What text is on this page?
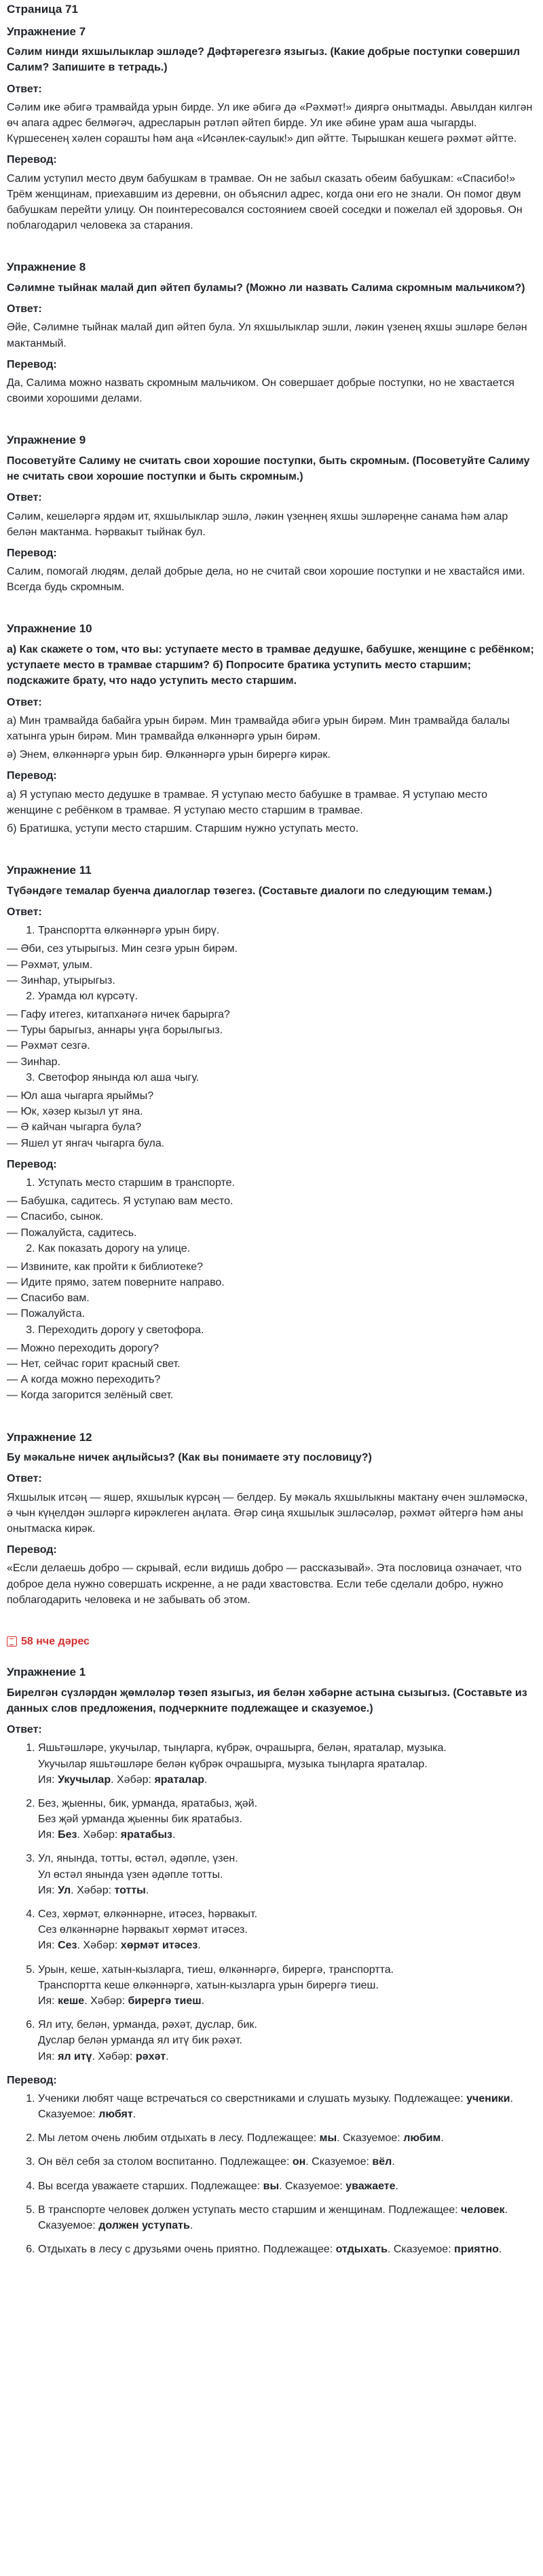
Страница 71
Упражнение 7
Сәлим нинди яхшылыклар эшләде? Дәфтәрегезгә языгыз. (Какие добрые поступки совершил Салим? Запишите в тетрадь.)
Ответ:

Сәлим ике әбигә трамвайда урын бирде. Ул ике әбигә дә «Рәхмәт!» дияргә онытмады. Авылдан килгән өч апага адрес белмәгәч, адресларын рәтләп әйтеп бирде. Ул ике әбине урам аша чыгарды. Күршесенең хәлен сорашты һәм аңа «Исәнлек-саулык!» дип әйтте. Тырышкан кешегә рәхмәт әйтте.

Перевод:

Салим уступил место двум бабушкам в трамвае. Он не забыл сказать обеим бабушкам: «Спасибо!» Трём женщинам, приехавшим из деревни, он объяснил адрес, когда они его не знали. Он помог двум бабушкам перейти улицу. Он поинтересовался состоянием своей соседки и пожелал ей здоровья. Он поблагодарил человека за старания.

Упражнение 8
Сәлимне тыйнак малай дип әйтеп буламы? (Можно ли назвать Салима скромным мальчиком?)
Ответ:

Әйе, Сәлимне тыйнак малай дип әйтеп була. Ул яхшылыклар эшли, ләкин үзенең яхшы эшләре белән мактанмый.

Перевод:

Да, Салима можно назвать скромным мальчиком. Он совершает добрые поступки, но не хвастается своими хорошими делами.

Упражнение 9
Посоветуйте Салиму не считать свои хорошие поступки, быть скромным. (Посоветуйте Салиму не считать свои хорошие поступки и быть скромным.)
Ответ:

Сәлим, кешеләргә ярдәм ит, яхшылыклар эшлә, ләкин үзеңнең яхшы эшләреңне санама һәм алар белән мактанма. Һәрвакыт тыйнак бул.

Перевод:

Салим, помогай людям, делай добрые дела, но не считай свои хорошие поступки и не хвастайся ими. Всегда будь скромным.

Упражнение 10
а) Как скажете о том, что вы: уступаете место в трамвае дедушке, бабушке, женщине с ребёнком; уступаете место в трамвае старшим? б) Попросите братика уступить место старшим; подскажите брату, что надо уступить место старшим.
Ответ:

а) Мин трамвайда бабайга урын бирәм. Мин трамвайда әбигә урын бирәм. Мин трамвайда балалы хатынга урын бирәм. Мин трамвайда өлкәннәргә урын бирәм.

ә) Энем, өлкәннәргә урын бир. Өлкәннәргә урын бирергә кирәк.

Перевод:

а) Я уступаю место дедушке в трамвае. Я уступаю место бабушке в трамвае. Я уступаю место женщине с ребёнком в трамвае. Я уступаю место старшим в трамвае.

б) Братишка, уступи место старшим. Старшим нужно уступать место.

Упражнение 11
Түбәндәге темалар буенча диалоглар төзегез. (Составьте диалоги по следующим темам.)
Ответ:
1. Транспортта өлкәннәргә урын бирү.
— Әби, сез утырыгыз. Мин сезгә урын бирәм.
— Рәхмәт, улым.
— Зинһар, утырыгыз.
2. Урамда юл күрсәтү.
— Гафу итегез, китапханәгә ничек барырга?
— Туры барыгыз, аннары уңга борылыгыз.
— Рәхмәт сезгә.
— Зинһар.
3. Светофор янында юл аша чыгу.
— Юл аша чыгарга ярыймы?
— Юк, хәзер кызыл ут яна.
— Ә кайчан чыгарга була?
— Яшел ут янгач чыгарга була.
Перевод:
1. Уступать место старшим в транспорте.
— Бабушка, садитесь. Я уступаю вам место.
— Спасибо, сынок.
— Пожалуйста, садитесь.
2. Как показать дорогу на улице.
— Извините, как пройти к библиотеке?
— Идите прямо, затем поверните направо.
— Спасибо вам.
— Пожалуйста.
3. Переходить дорогу у светофора.
— Можно переходить дорогу?
— Нет, сейчас горит красный свет.
— А когда можно переходить?
— Когда загорится зелёный свет.
Упражнение 12
Бу мәкальне ничек аңлыйсыз? (Как вы понимаете эту пословицу?)
Ответ:

Яхшылык итсәң — яшер, яхшылык күрсәң — белдер. Бу мәкаль яхшылыкны мактану өчен эшләмәскә, ә чын күңелдән эшләргә кирәклеген аңлата. Әгәр сиңа яхшылык эшләсәләр, рәхмәт әйтергә һәм аны онытмаска кирәк.

Перевод:

«Если делаешь добро — скрывай, если видишь добро — рассказывай». Эта пословица означает, что доброе дела нужно совершать искренне, а не ради хвастовства. Если тебе сделали добро, нужно поблагодарить человека и не забывать об этом.

58 нче дәрес
Упражнение 1
Бирелгән сүзләрдән җөмләләр төзеп языгыз, ия белән хәбәрне астына сызыгыз. (Составьте из данных слов предложения, подчеркните подлежащее и сказуемое.)
Ответ:
1. Яшьтәшләре, укучылар, тыңларга, күбрәк, очрашырга, белән, яраталар, музыка.
Укучылар яшьтәшләре белән күбрәк очрашырга, музыка тыңларга яраталар.
Ия: Укучылар. Хәбәр: яраталар.
2. Без, җыенны, бик, урманда, яратабыз, җәй.
Без җәй урманда җыенны бик яратабыз.
Ия: Без. Хәбәр: яратабыз.
3. Ул, янында, тотты, өстәл, әдәпле, үзен.
Ул өстәл янында үзен әдәпле тотты.
Ия: Ул. Хәбәр: тотты.
4. Сез, хөрмәт, өлкәннәрне, итәсез, һәрвакыт.
Сез өлкәннәрне һәрвакыт хөрмәт итәсез.
Ия: Сез. Хәбәр: хөрмәт итәсез.
5. Урын, кеше, хатын-кызларга, тиеш, өлкәннәргә, бирергә, транспортта.
Транспортта кеше өлкәннәргә, хатын-кызларга урын бирергә тиеш.
Ия: кеше. Хәбәр: бирергә тиеш.
6. Ял иту, белән, урманда, рәхәт, дуслар, бик.
Дуслар белән урманда ял итү бик рәхәт.
Ия: ял итү. Хәбәр: рәхәт.
Перевод:
1. Ученики любят чаще встречаться со сверстниками и слушать музыку. Подлежащее: ученики. Сказуемое: любят.
2. Мы летом очень любим отдыхать в лесу. Подлежащее: мы. Сказуемое: любим.
3. Он вёл себя за столом воспитанно. Подлежащее: он. Сказуемое: вёл.
4. Вы всегда уважаете старших. Подлежащее: вы. Сказуемое: уважаете.
5. В транспорте человек должен уступать место старшим и женщинам. Подлежащее: человек. Сказуемое: должен уступать.
6. Отдыхать в лесу с друзьями очень приятно. Подлежащее: отдыхать. Сказуемое: приятно.
